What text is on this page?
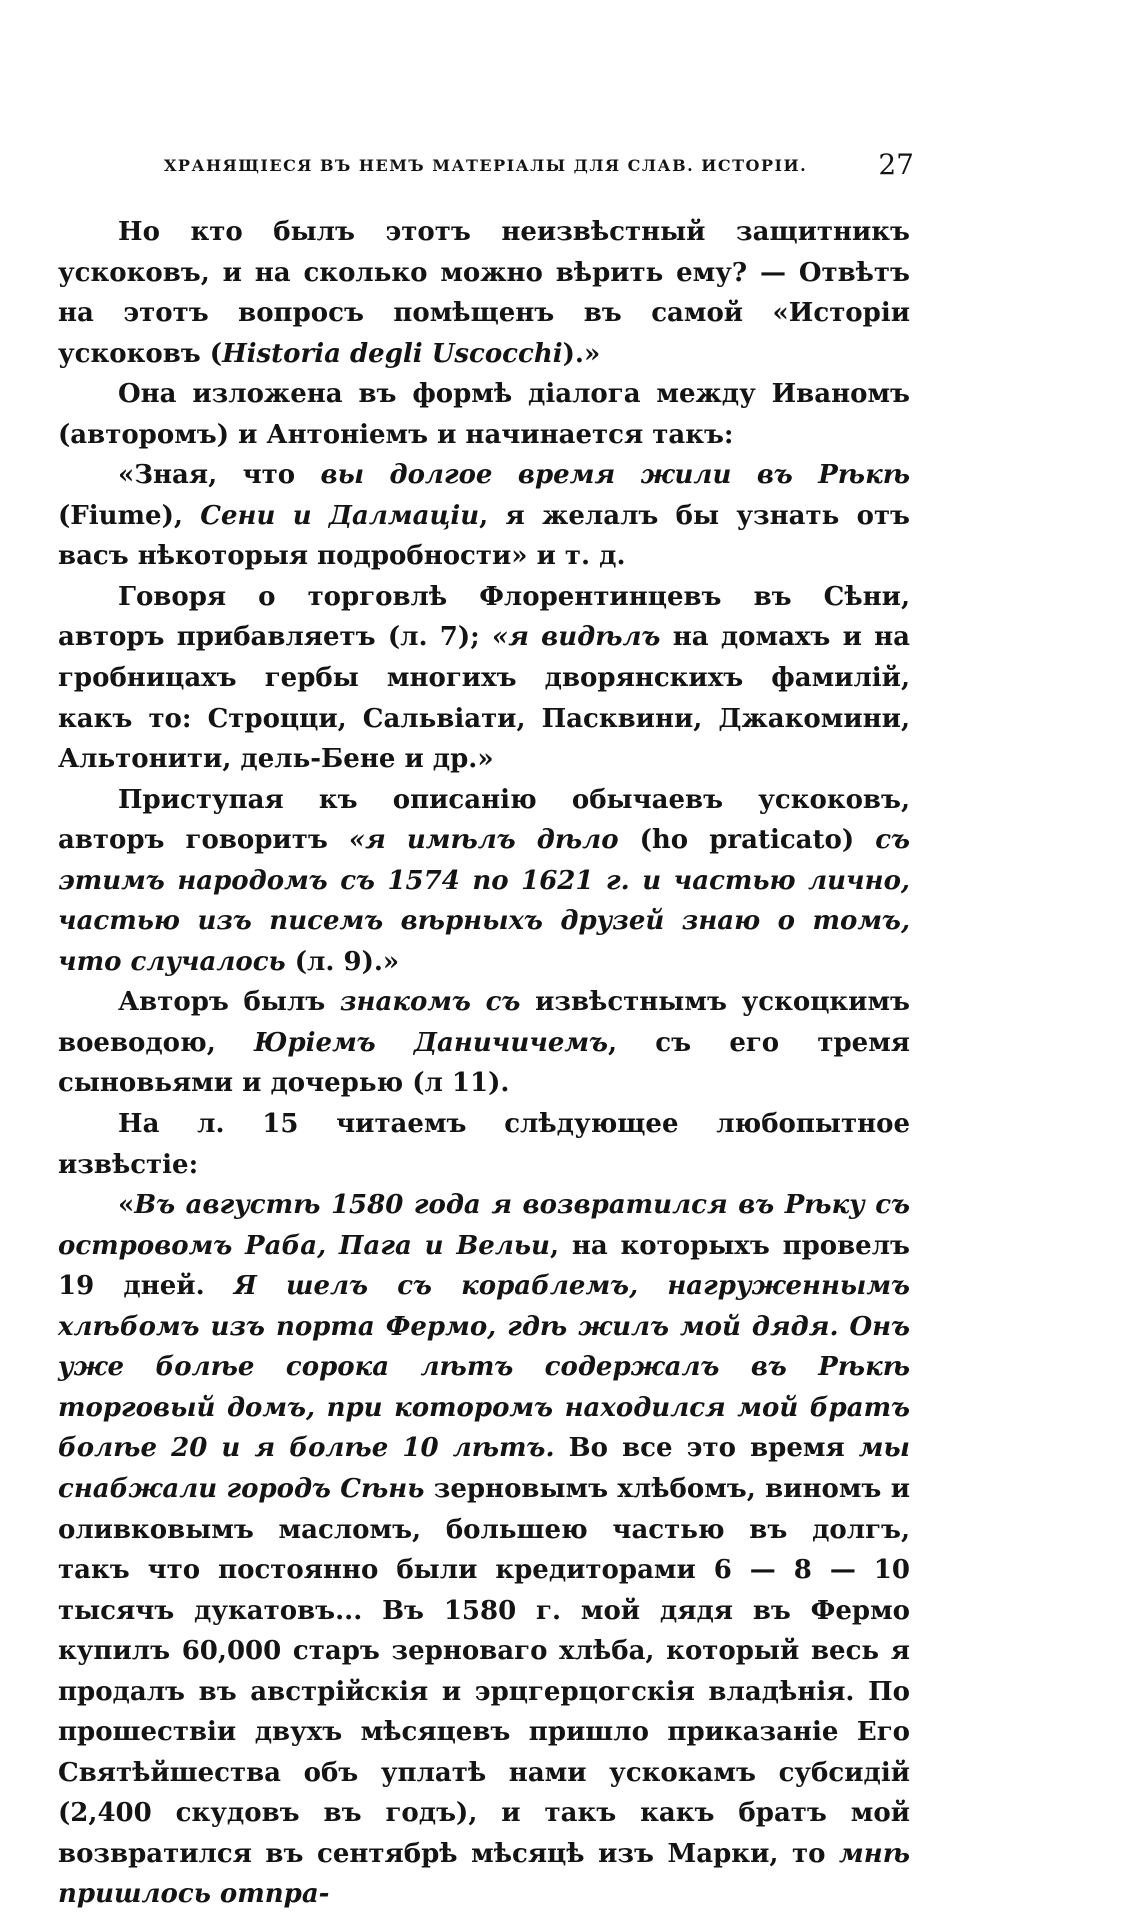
ХРАНЯЩІЕСЯ ВЪ НЕМЪ МАТЕРІАЛЫ ДЛЯ СЛАВ. ИСТОРІИ.	27

Но кто былъ этотъ неизвѣстный защитникъ ускоковъ, и на сколько можно вѣрить ему? — Отвѣтъ на этотъ вопросъ помѣщенъ въ самой «Исторіи ускоковъ (Historia degli Uscocchi).»

Она изложена въ формѣ діалога между Иваномъ (авторомъ) и Антоніемъ и начинается такъ:

«Зная, что вы долгое время жили въ Рѣкѣ (Fiume), Сени и Далмаціи, я желалъ бы узнать отъ васъ нѣкоторыя подробности» и т. д.

Говоря о торговлѣ Флорентинцевъ въ Сѣни, авторъ прибавляетъ (л. 7); «я видѣлъ на домахъ и на гробницахъ гербы многихъ дворянскихъ фамилій, какъ то: Строцци, Сальвіати, Пасквини, Джакомини, Альтонити, дель-Бене и др.»

Приступая къ описанію обычаевъ ускоковъ, авторъ говоритъ «я имѣлъ дѣло (ho praticato) съ этимъ народомъ съ 1574 по 1621 г. и частью лично, частью изъ писемъ вѣрныхъ друзей знаю о томъ, что случалось (л. 9).»

Авторъ былъ знакомъ съ извѣстнымъ ускоцкимъ воеводою, Юріемъ Даничичемъ, съ его тремя сыновьями и дочерью (л 11).

На л. 15 читаемъ слѣдующее любопытное извѣстіе:

«Въ августѣ 1580 года я возвратился въ Рѣку съ островомъ Раба, Пага и Вельи, на которыхъ провелъ 19 дней. Я шелъ съ кораблемъ, нагруженнымъ хлѣбомъ изъ порта Фермо, гдѣ жилъ мой дядя. Онъ уже болѣе сорока лѣтъ содержалъ въ Рѣкѣ торговый домъ, при которомъ находился мой братъ болѣе 20 и я болѣе 10 лѣтъ. Во все это время мы снабжали городъ Сѣнь зерновымъ хлѣбомъ, виномъ и оливковымъ масломъ, большею частью въ долгъ, такъ что постоянно были кредиторами 6 — 8 — 10 тысячъ дукатовъ... Въ 1580 г. мой дядя въ Фермо купилъ 60,000 старъ зерноваго хлѣба, который весь я продалъ въ австрійскія и эрцгерцогскія владѣнія. По прошествіи двухъ мѣсяцевъ пришло приказаніе Его Святѣйшества объ уплатѣ нами ускокамъ субсидій (2,400 скудовъ въ годъ), и такъ какъ братъ мой возвратился въ сентябрѣ мѣсяцѣ изъ Марки, то мнѣ пришлось отпра-
